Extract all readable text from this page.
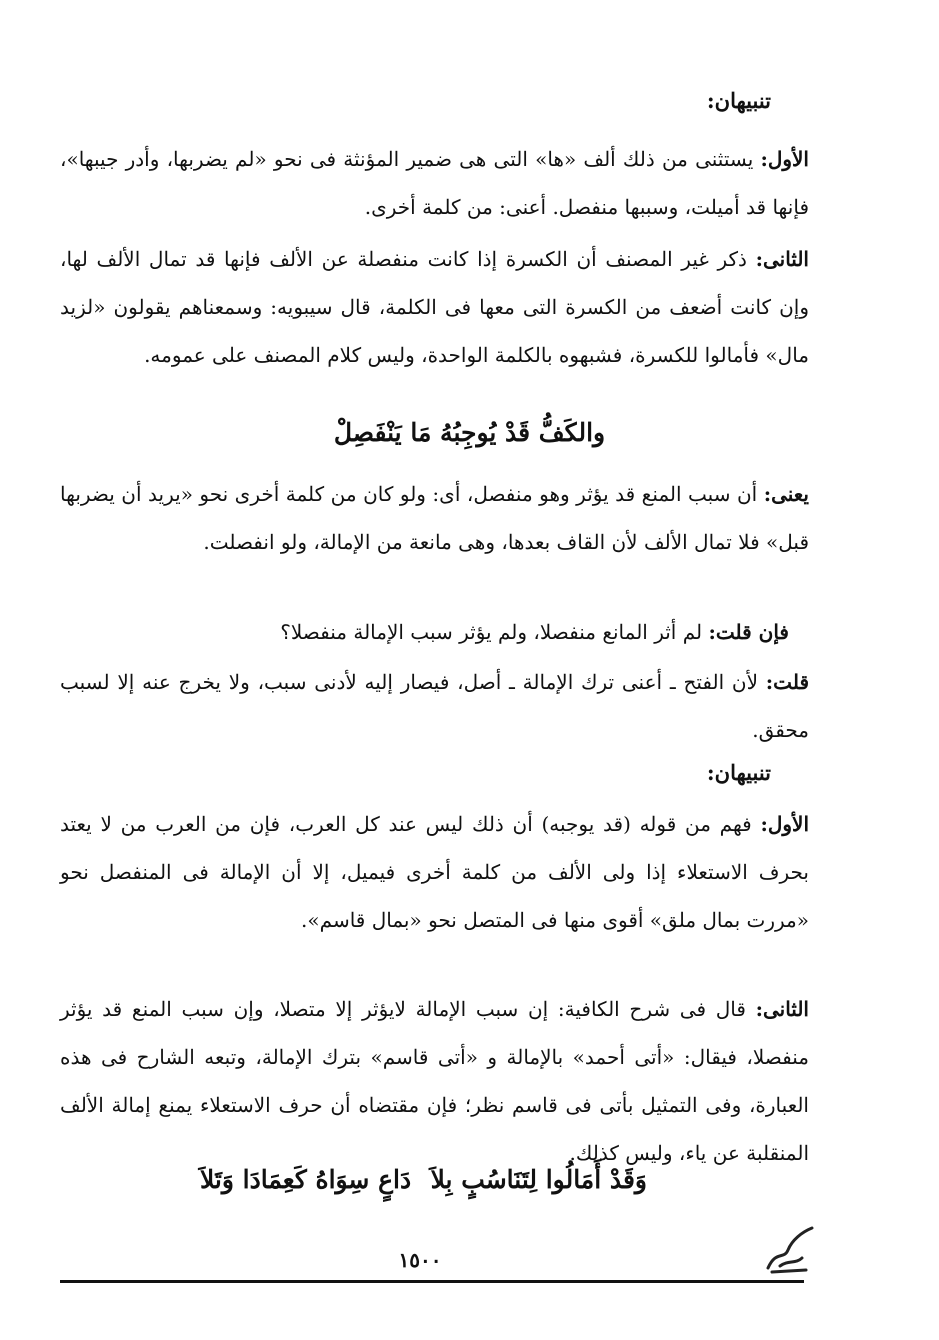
تنبيهان:
الأول: يستثنى من ذلك ألف «ها» التى هى ضمير المؤنثة فى نحو «لم يضربها، وأدر جيبها»، فإنها قد أميلت، وسببها منفصل. أعنى: من كلمة أخرى.
الثانى: ذكر غير المصنف أن الكسرة إذا كانت منفصلة عن الألف فإنها قد تمال الألف لها، وإن كانت أضعف من الكسرة التى معها فى الكلمة، قال سيبويه: وسمعناهم يقولون «لزيد مال» فأمالوا للكسرة، فشبهوه بالكلمة الواحدة، وليس كلام المصنف على عمومه.
والكَفُّ قَدْ يُوجِبُهُ مَا يَنْفَصِلْ
يعنى: أن سبب المنع قد يؤثر وهو منفصل، أى: ولو كان من كلمة أخرى نحو «يريد أن يضربها قبل» فلا تمال الألف لأن القاف بعدها، وهى مانعة من الإمالة، ولو انفصلت.
فإن قلت: لم أثر المانع منفصلا، ولم يؤثر سبب الإمالة منفصلا؟
قلت: لأن الفتح ـ أعنى ترك الإمالة ـ أصل، فيصار إليه لأدنى سبب، ولا يخرج عنه إلا لسبب محقق.
تنبيهان:
الأول: فهم من قوله (قد يوجبه) أن ذلك ليس عند كل العرب، فإن من العرب من لا يعتد بحرف الاستعلاء إذا ولى الألف من كلمة أخرى فيميل، إلا أن الإمالة فى المنفصل نحو «مررت بمال ملق» أقوى منها فى المتصل نحو «بمال قاسم».
الثانى: قال فى شرح الكافية: إن سبب الإمالة لايؤثر إلا متصلا، وإن سبب المنع قد يؤثر منفصلا، فيقال: «أتى أحمد» بالإمالة و «أتى قاسم» بترك الإمالة، وتبعه الشارح فى هذه العبارة، وفى التمثيل بأتى فى قاسم نظر؛ فإن مقتضاه أن حرف الاستعلاء يمنع إمالة الألف المنقلبة عن ياء، وليس كذلك.
وَقَدْ أَمَالُوا لِتَنَاسُبٍ بِلاَ
دَاعٍ سِوَاهُ كَعِمَادَا وَتَلاَ
١٥٠٠
